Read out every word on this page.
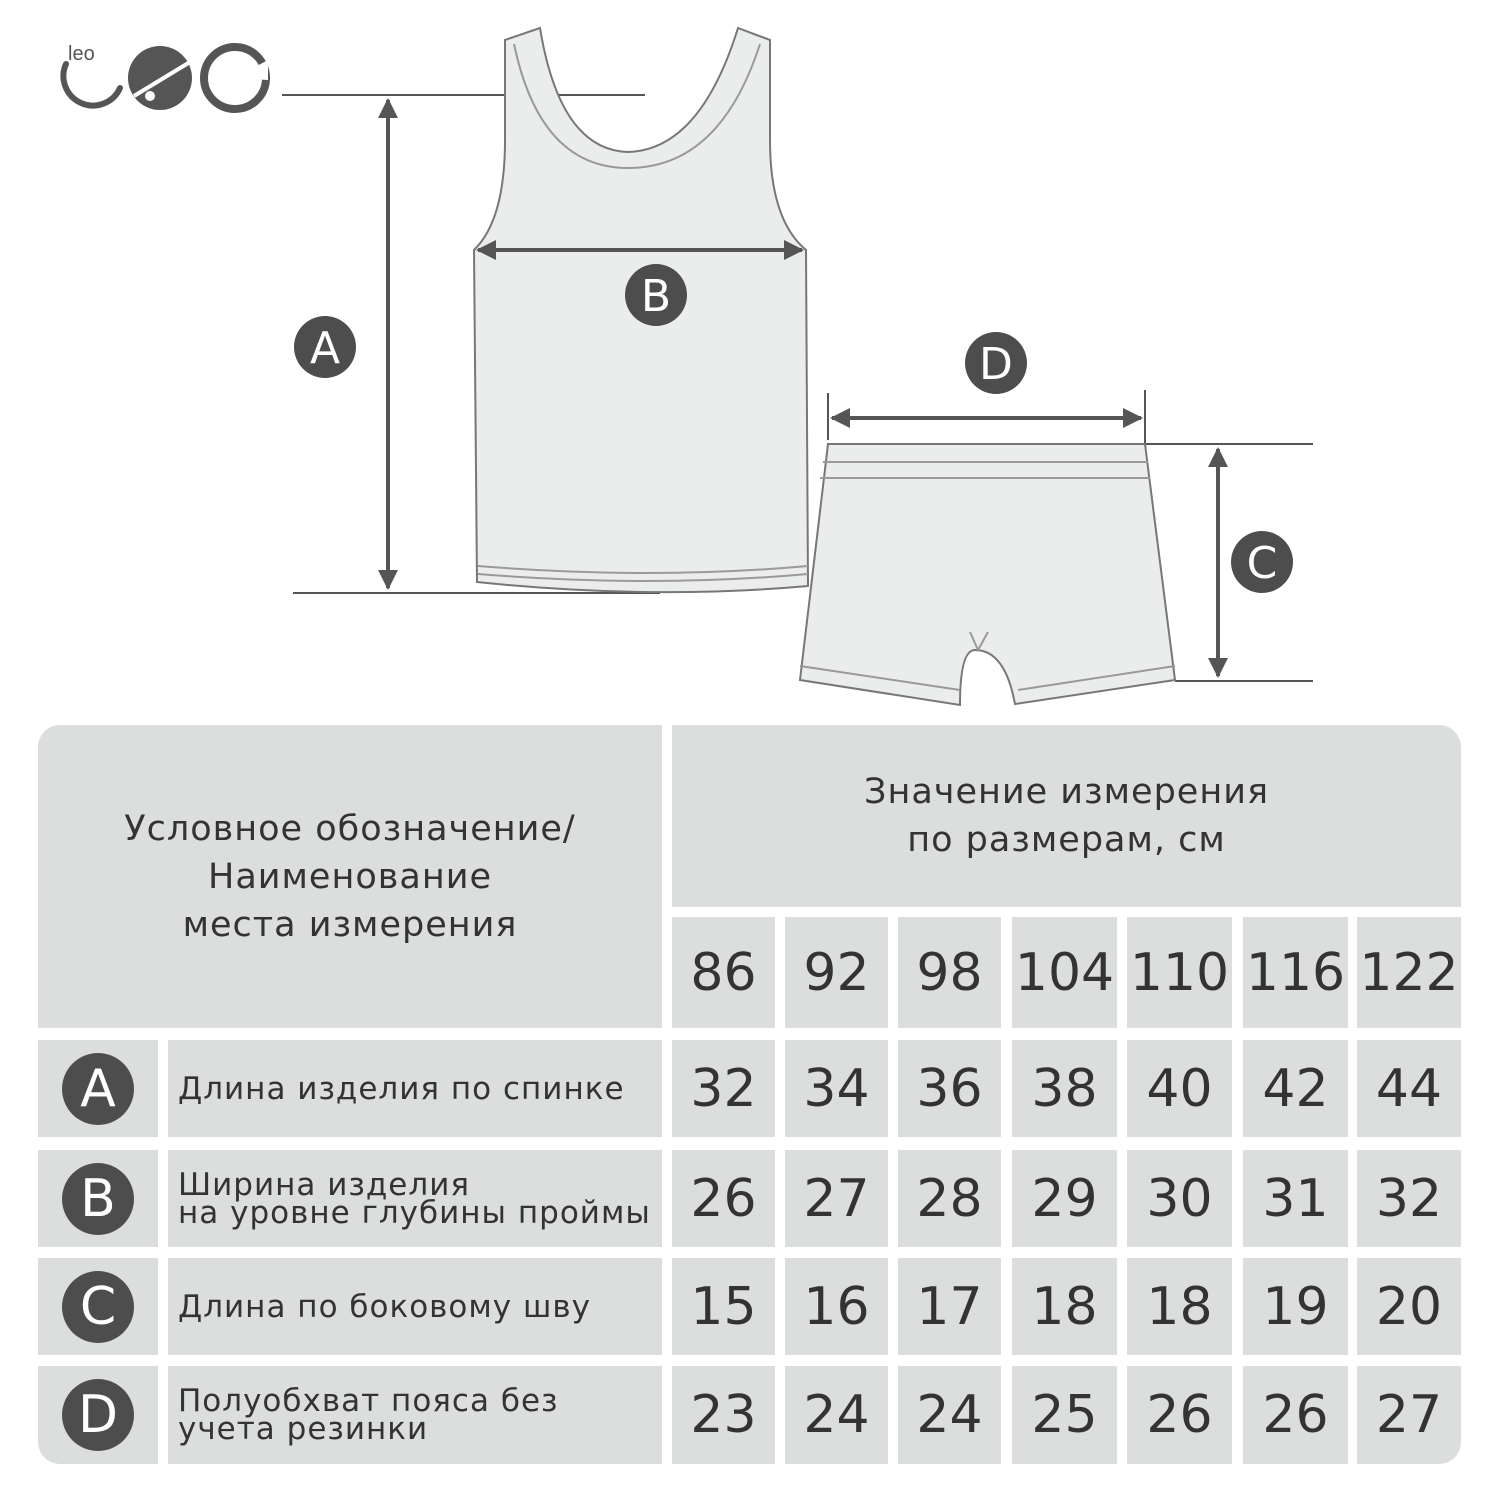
leo
A
B
D
C
Условное обозначение/
Наименование
места измерения
Значение измерения
по размерам, см
86 92 98 104 110 116 122
A	Длина изделия по спинке	32 34 36 38 40 42 44
B	Ширина изделия
на уровне глубины проймы 26 27 28 29 30 31 32
C	Длина по боковому шву	15 16 17 18 18 19 20
D	Полуобхват пояса без
учета резинки	23 24 24 25 26 26 27
